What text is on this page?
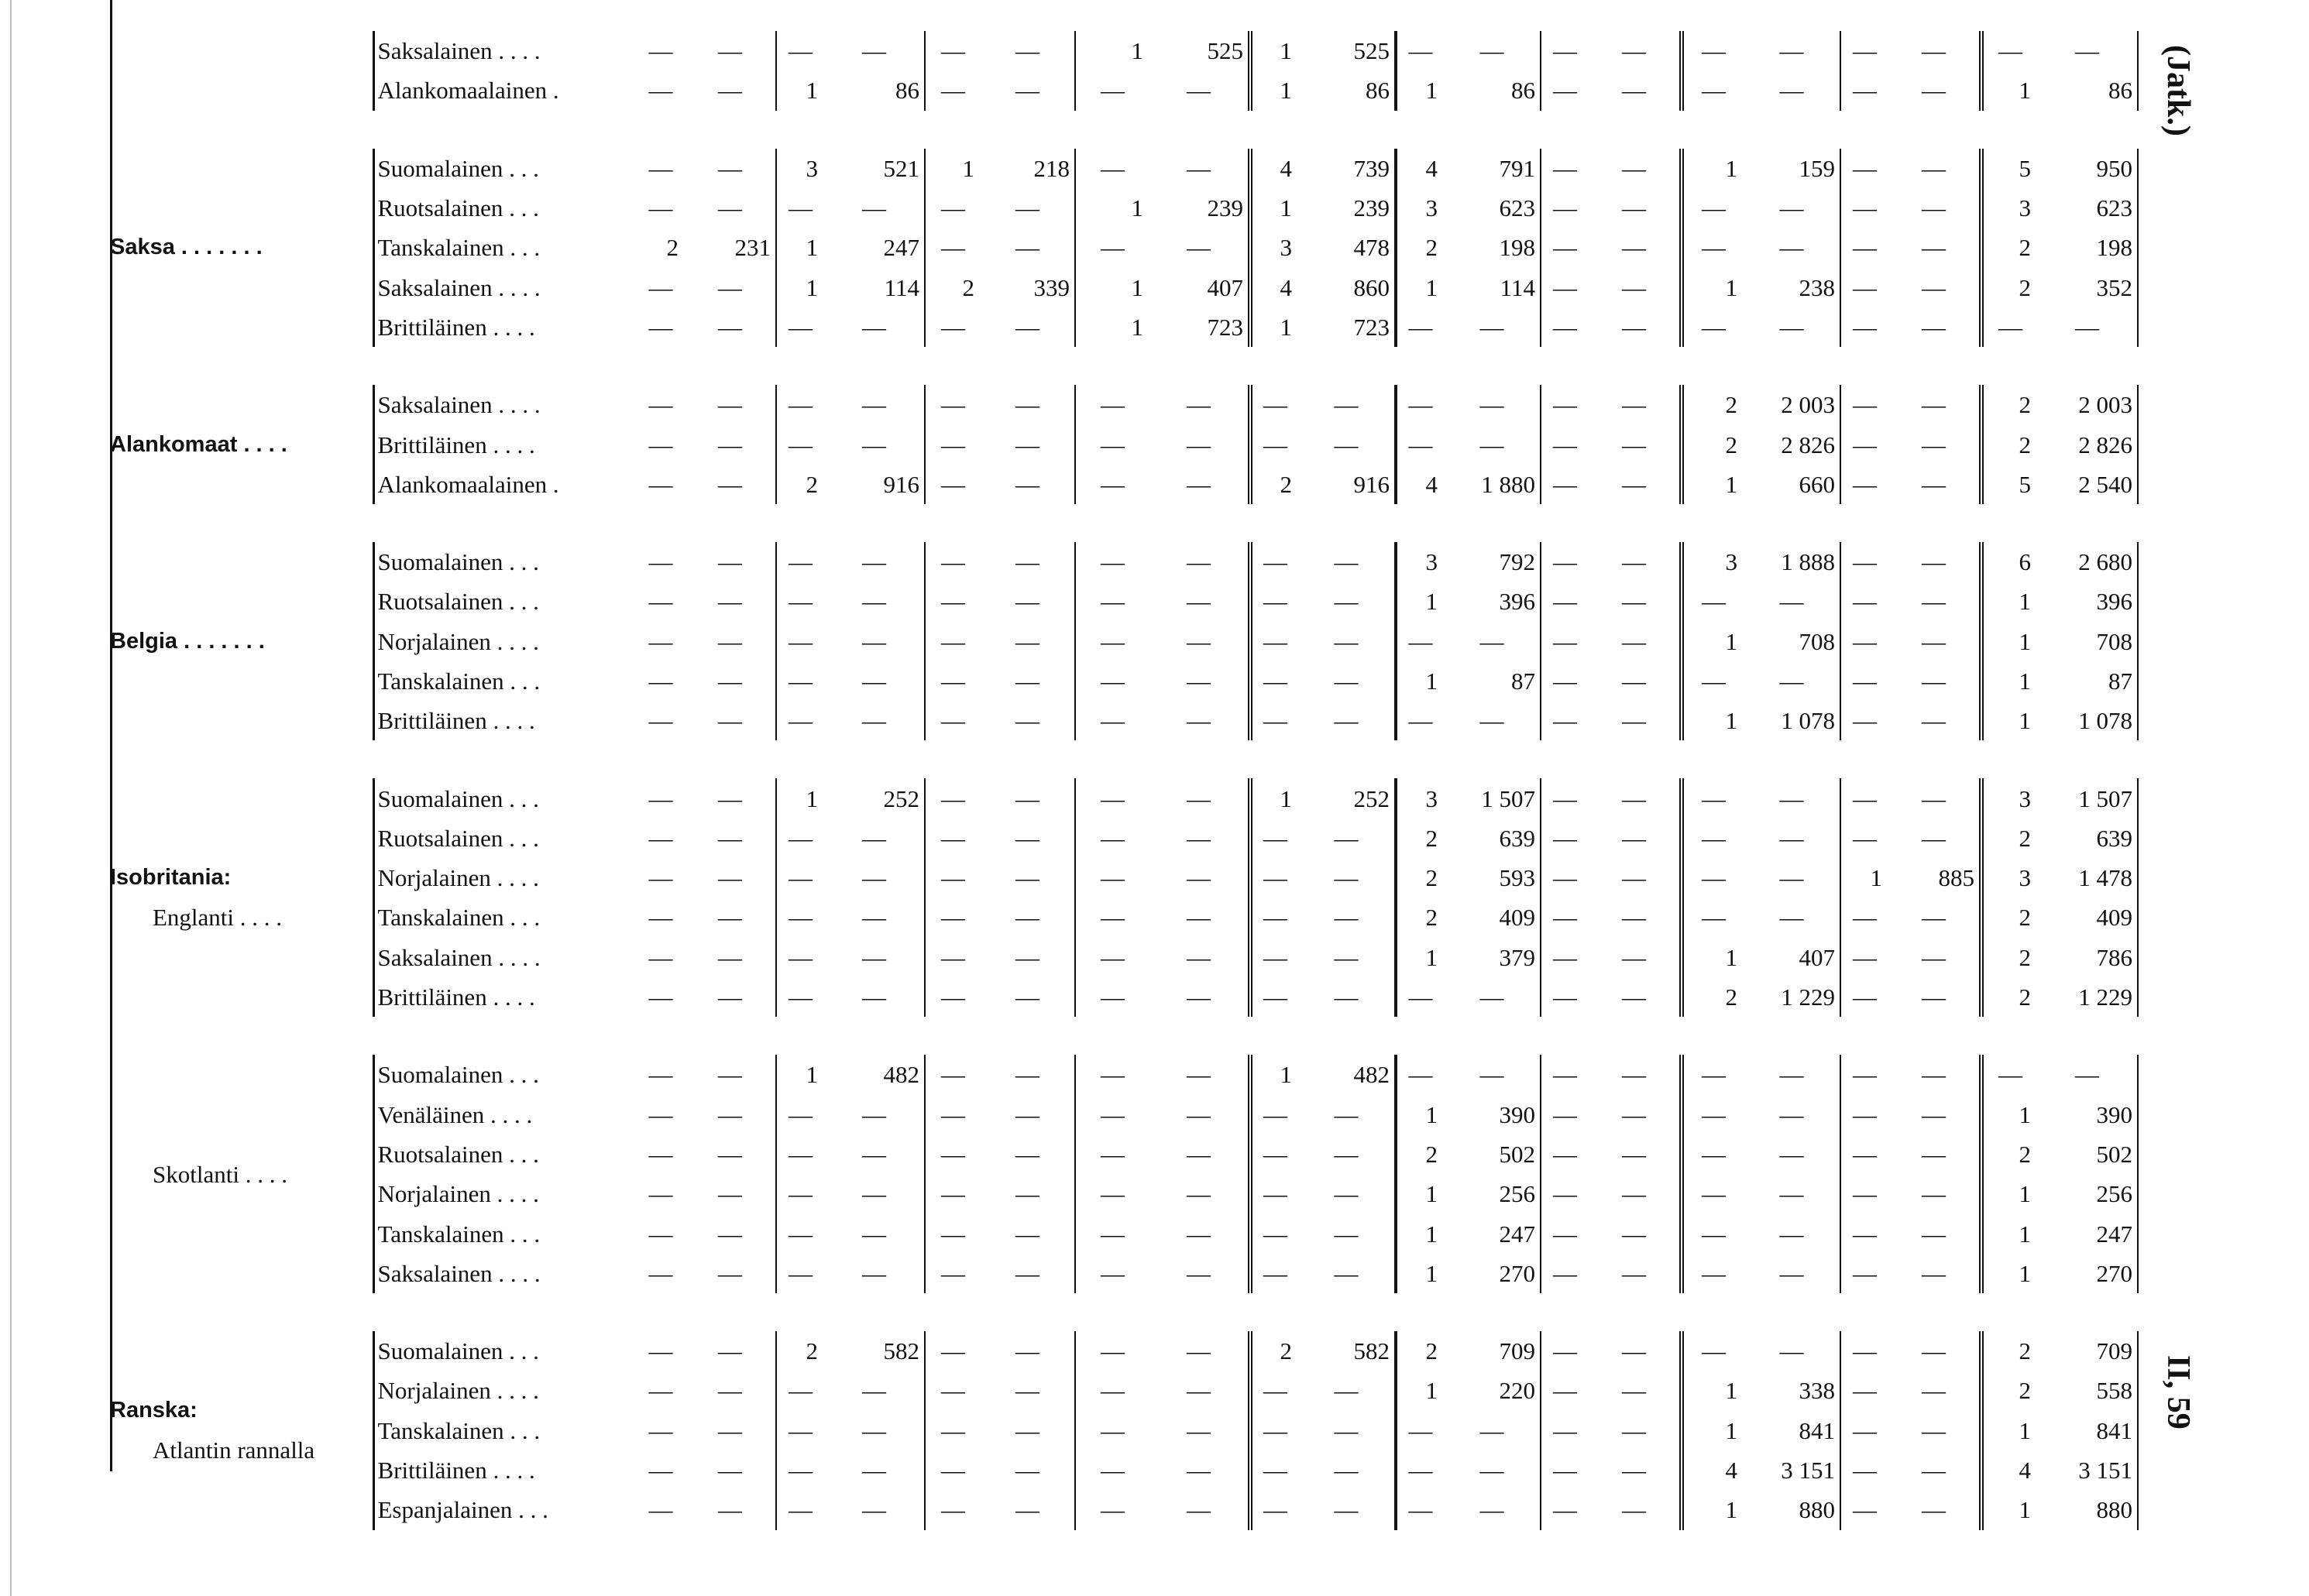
	Saksalainen . . . .	—	—	—	—	—	—	1	525	1	525	—	—	—	—	—	—	—	—	—	—
	Alankomaalainen .	—	—	1	86	—	—	—	—	1	86	1	86	—	—	—	—	—	—	1	86

Saksa . . . . . . .	Suomalainen . . .	—	—	3	521	1	218	—	—	4	739	4	791	—	—	1	159	—	—	5	950
	Ruotsalainen . . .	—	—	—	—	—	—	1	239	1	239	3	623	—	—	—	—	—	—	3	623
	Tanskalainen . . .	2	231	1	247	—	—	—	—	3	478	2	198	—	—	—	—	—	—	2	198
	Saksalainen . . . .	—	—	1	114	2	339	1	407	4	860	1	114	—	—	1	238	—	—	2	352
	Brittiläinen . . . .	—	—	—	—	—	—	1	723	1	723	—	—	—	—	—	—	—	—	—	—

Alankomaat . . . .	Saksalainen . . . .	—	—	—	—	—	—	—	—	—	—	—	—	—	—	2	2 003	—	—	2	2 003
	Brittiläinen . . . .	—	—	—	—	—	—	—	—	—	—	—	—	—	—	2	2 826	—	—	2	2 826
	Alankomaalainen .	—	—	2	916	—	—	—	—	2	916	4	1 880	—	—	1	660	—	—	5	2 540

Belgia . . . . . . .	Suomalainen . . .	—	—	—	—	—	—	—	—	—	—	3	792	—	—	3	1 888	—	—	6	2 680
	Ruotsalainen . . .	—	—	—	—	—	—	—	—	—	—	1	396	—	—	—	—	—	—	1	396
	Norjalainen . . . .	—	—	—	—	—	—	—	—	—	—	—	—	—	—	1	708	—	—	1	708
	Tanskalainen . . .	—	—	—	—	—	—	—	—	—	—	1	87	—	—	—	—	—	—	1	87
	Brittiläinen . . . .	—	—	—	—	—	—	—	—	—	—	—	—	—	—	1	1 078	—	—	1	1 078

Isobritania:
Englanti . . . .	Suomalainen . . .	—	—	1	252	—	—	—	—	1	252	3	1 507	—	—	—	—	—	—	3	1 507
	Ruotsalainen . . .	—	—	—	—	—	—	—	—	—	—	2	639	—	—	—	—	—	—	2	639
	Norjalainen . . . .	—	—	—	—	—	—	—	—	—	—	2	593	—	—	—	—	1	885	3	1 478
	Tanskalainen . . .	—	—	—	—	—	—	—	—	—	—	2	409	—	—	—	—	—	—	2	409
	Saksalainen . . . .	—	—	—	—	—	—	—	—	—	—	1	379	—	—	1	407	—	—	2	786
	Brittiläinen . . . .	—	—	—	—	—	—	—	—	—	—	—	—	—	—	2	1 229	—	—	2	1 229

Skotlanti . . . .	Suomalainen . . .	—	—	1	482	—	—	—	—	1	482	—	—	—	—	—	—	—	—	—	—
	Venäläinen . . . .	—	—	—	—	—	—	—	—	—	—	1	390	—	—	—	—	—	—	1	390
	Ruotsalainen . . .	—	—	—	—	—	—	—	—	—	—	2	502	—	—	—	—	—	—	2	502
	Norjalainen . . . .	—	—	—	—	—	—	—	—	—	—	1	256	—	—	—	—	—	—	1	256
	Tanskalainen . . .	—	—	—	—	—	—	—	—	—	—	1	247	—	—	—	—	—	—	1	247
	Saksalainen . . . .	—	—	—	—	—	—	—	—	—	—	1	270	—	—	—	—	—	—	1	270

Ranska:
Atlantin rannalla	Suomalainen . . .	—	—	2	582	—	—	—	—	2	582	2	709	—	—	—	—	—	—	2	709
	Norjalainen . . . .	—	—	—	—	—	—	—	—	—	—	1	220	—	—	1	338	—	—	2	558
	Tanskalainen . . .	—	—	—	—	—	—	—	—	—	—	—	—	—	—	1	841	—	—	1	841
	Brittiläinen . . . .	—	—	—	—	—	—	—	—	—	—	—	—	—	—	4	3 151	—	—	4	3 151
	Espanjalainen . . .	—	—	—	—	—	—	—	—	—	—	—	—	—	—	1	880	—	—	1	880
(Jatk.)
II, 59
